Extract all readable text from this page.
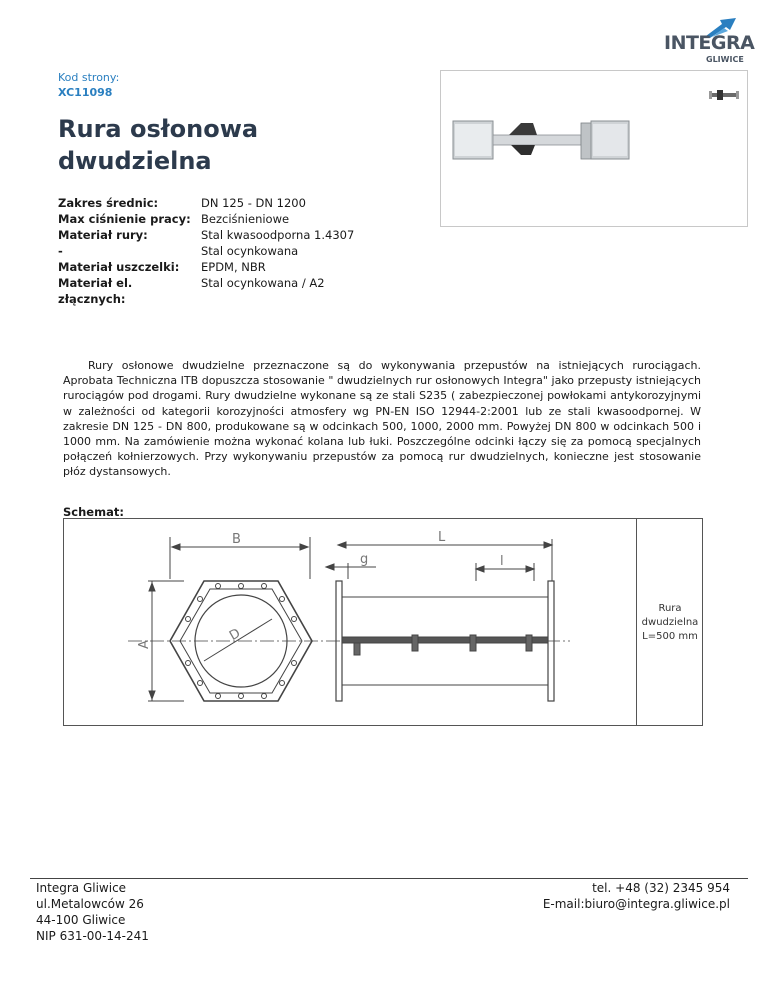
INTEGRA
GLIWICE
Kod strony:
XC11098
Rura osłonowa
dwudzielna
Zakres średnic:	DN 125 - DN 1200
Max ciśnienie pracy: Bezciśnieniowe
Materiał rury:	Stal kwasoodporna 1.4307
-	Stal ocynkowana
Materiał uszczelki:	EPDM, NBR
Materiał el.	Stal ocynkowana / A2
złącznych:

Rury osłonowe dwudzielne przeznaczone są do wykonywania przepustów na istniejących rurociągach. Aprobata Techniczna ITB dopuszcza stosowanie " dwudzielnych rur osłonowych Integra" jako przepusty istniejących rurociągów pod drogami. Rury dwudzielne wykonane są ze stali S235 ( zabezpieczonej powłokami antykorozyjnymi w zależności od kategorii korozyjności atmosfery wg PN-EN ISO 12944-2:2001 lub ze stali kwasoodpornej. W zakresie DN 125 - DN 800, produkowane są w odcinkach 500, 1000, 2000 mm. Powyżej DN 800 w odcinkach 500 i 1000 mm. Na zamówienie można wykonać kolana lub łuki. Poszczególne odcinki łączy się za pomocą specjalnych połączeń kołnierzowych. Przy wykonywaniu przepustów za pomocą rur dwudzielnych, konieczne jest stosowanie płóz dystansowych.

Schemat:
B	L
g	l
A
D
Rura
dwudzielna
L=500 mm
Integra Gliwice
ul.Metalowców 26
44-100 Gliwice
NIP 631-00-14-241
tel. +48 (32) 2345 954
E-mail:biuro@integra.gliwice.pl
